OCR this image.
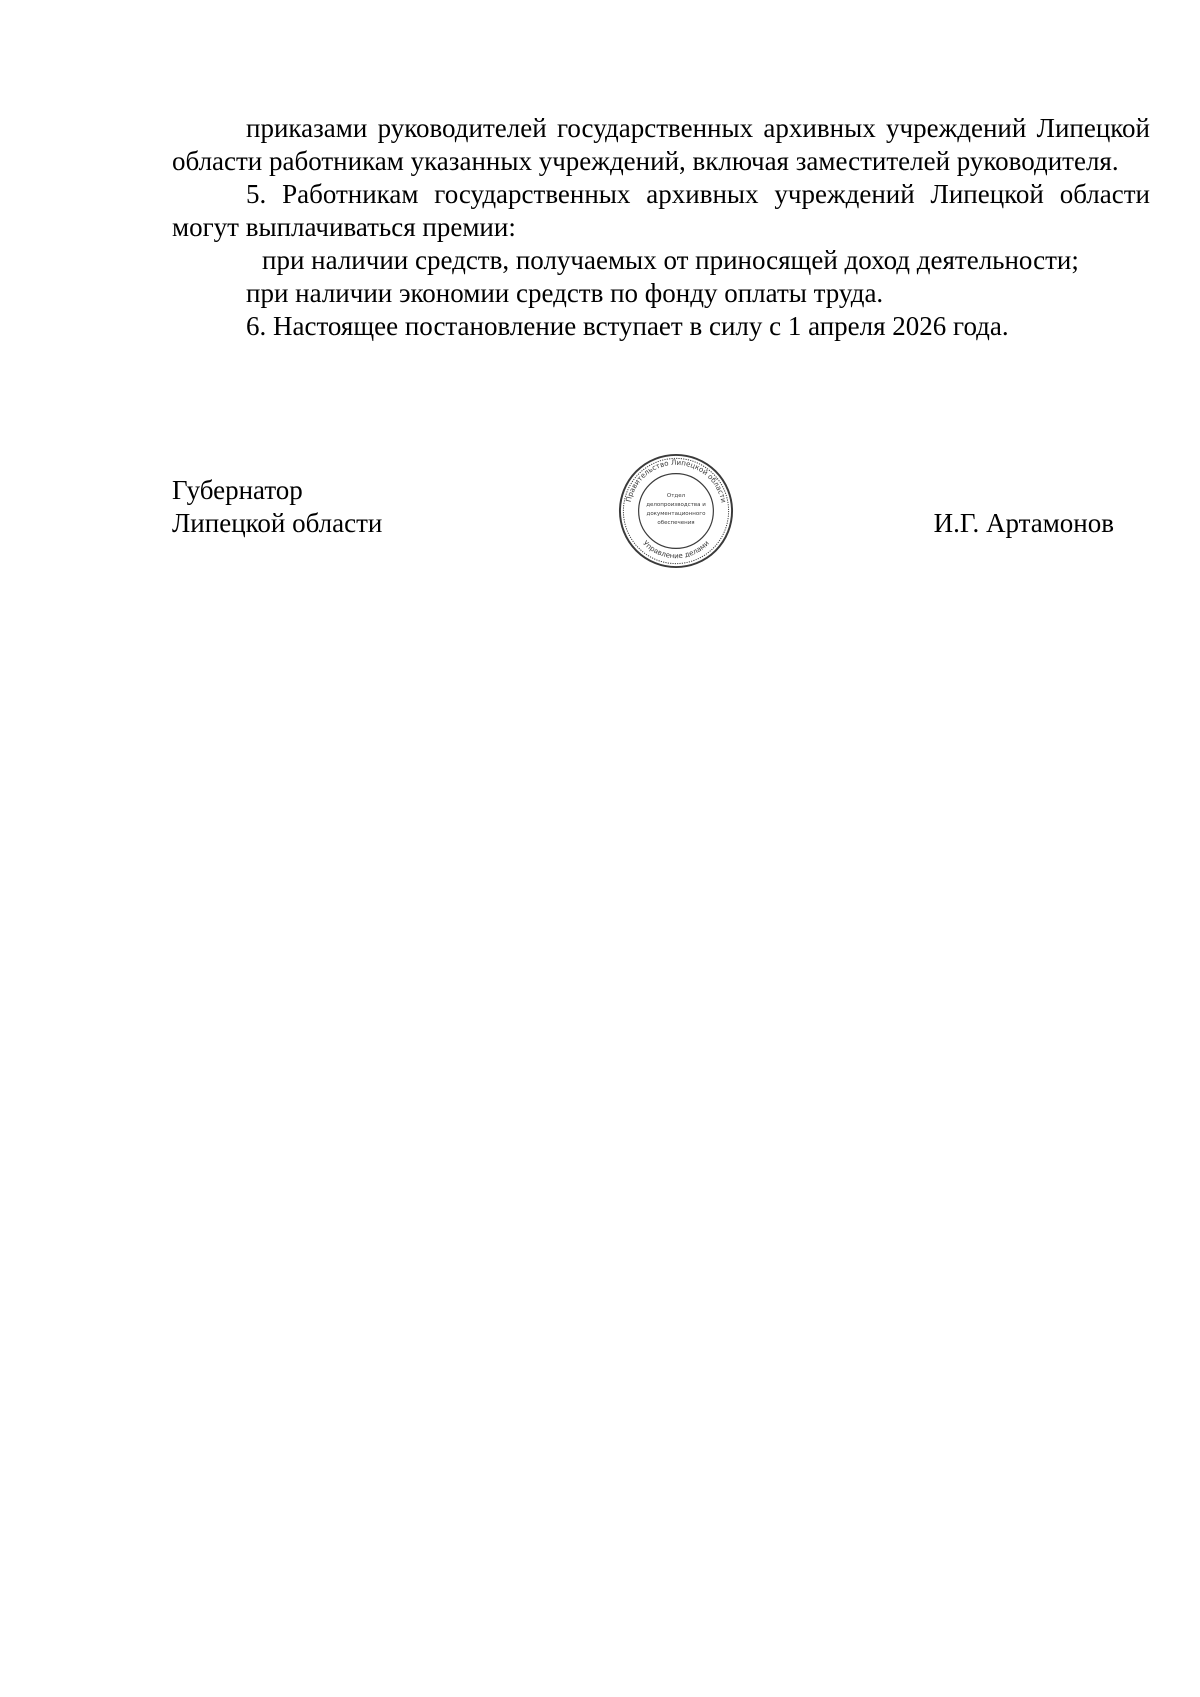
приказами руководителей государственных архивных учреждений Липецкой области работникам указанных учреждений, включая заместителей руководителя.

5. Работникам государственных архивных учреждений Липецкой области могут выплачиваться премии:

при наличии средств, получаемых от приносящей доход деятельности;

при наличии экономии средств по фонду оплаты труда.

6. Настоящее постановление вступает в силу с 1 апреля 2026 года.

Губернатор
Липецкой области
Правительство Липецкой области
Управление делами
Отдел
делопроизводства и
документационного
обеспечения	И.Г. Артамонов
